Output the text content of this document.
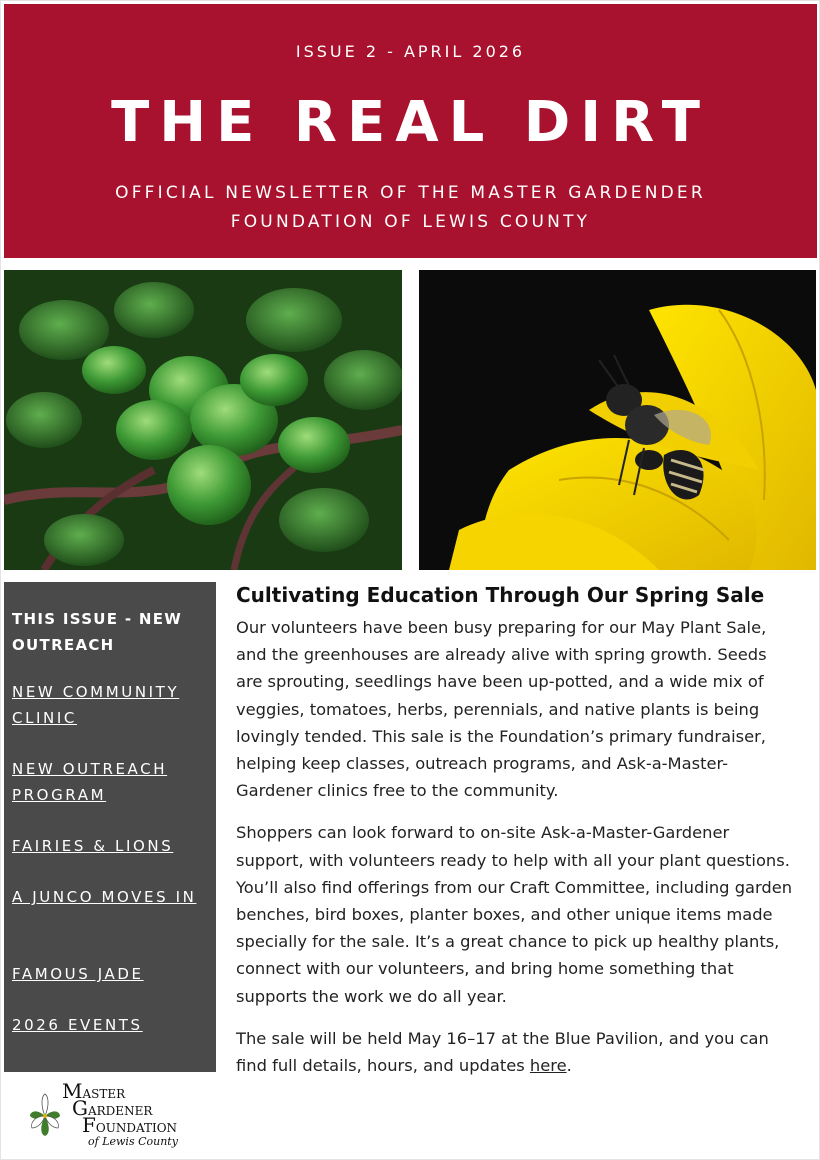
ISSUE 2 - APRIL 2026
THE REAL DIRT
OFFICIAL NEWSLETTER OF THE MASTER GARDENDER FOUNDATION OF LEWIS COUNTY
THIS ISSUE - NEW OUTREACH
NEW COMMUNITY CLINIC
NEW OUTREACH PROGRAM
FAIRIES & LIONS
A JUNCO MOVES IN
FAMOUS JADE
2026 EVENTS
MASTER
GARDENER
FOUNDATION
of Lewis County
Cultivating Education Through Our Spring Sale

Our volunteers have been busy preparing for our May Plant Sale, and the greenhouses are already alive with spring growth. Seeds are sprouting, seedlings have been up-potted, and a wide mix of veggies, tomatoes, herbs, perennials, and native plants is being lovingly tended. This sale is the Foundation’s primary fundraiser, helping keep classes, outreach programs, and Ask-a-Master-Gardener clinics free to the community.

Shoppers can look forward to on-site Ask-a-Master-Gardener support, with volunteers ready to help with all your plant questions. You’ll also find offerings from our Craft Committee, including garden benches, bird boxes, planter boxes, and other unique items made specially for the sale. It’s a great chance to pick up healthy plants, connect with our volunteers, and bring home something that supports the work we do all year.

The sale will be held May 16–17 at the Blue Pavilion, and you can find full details, hours, and updates here.
